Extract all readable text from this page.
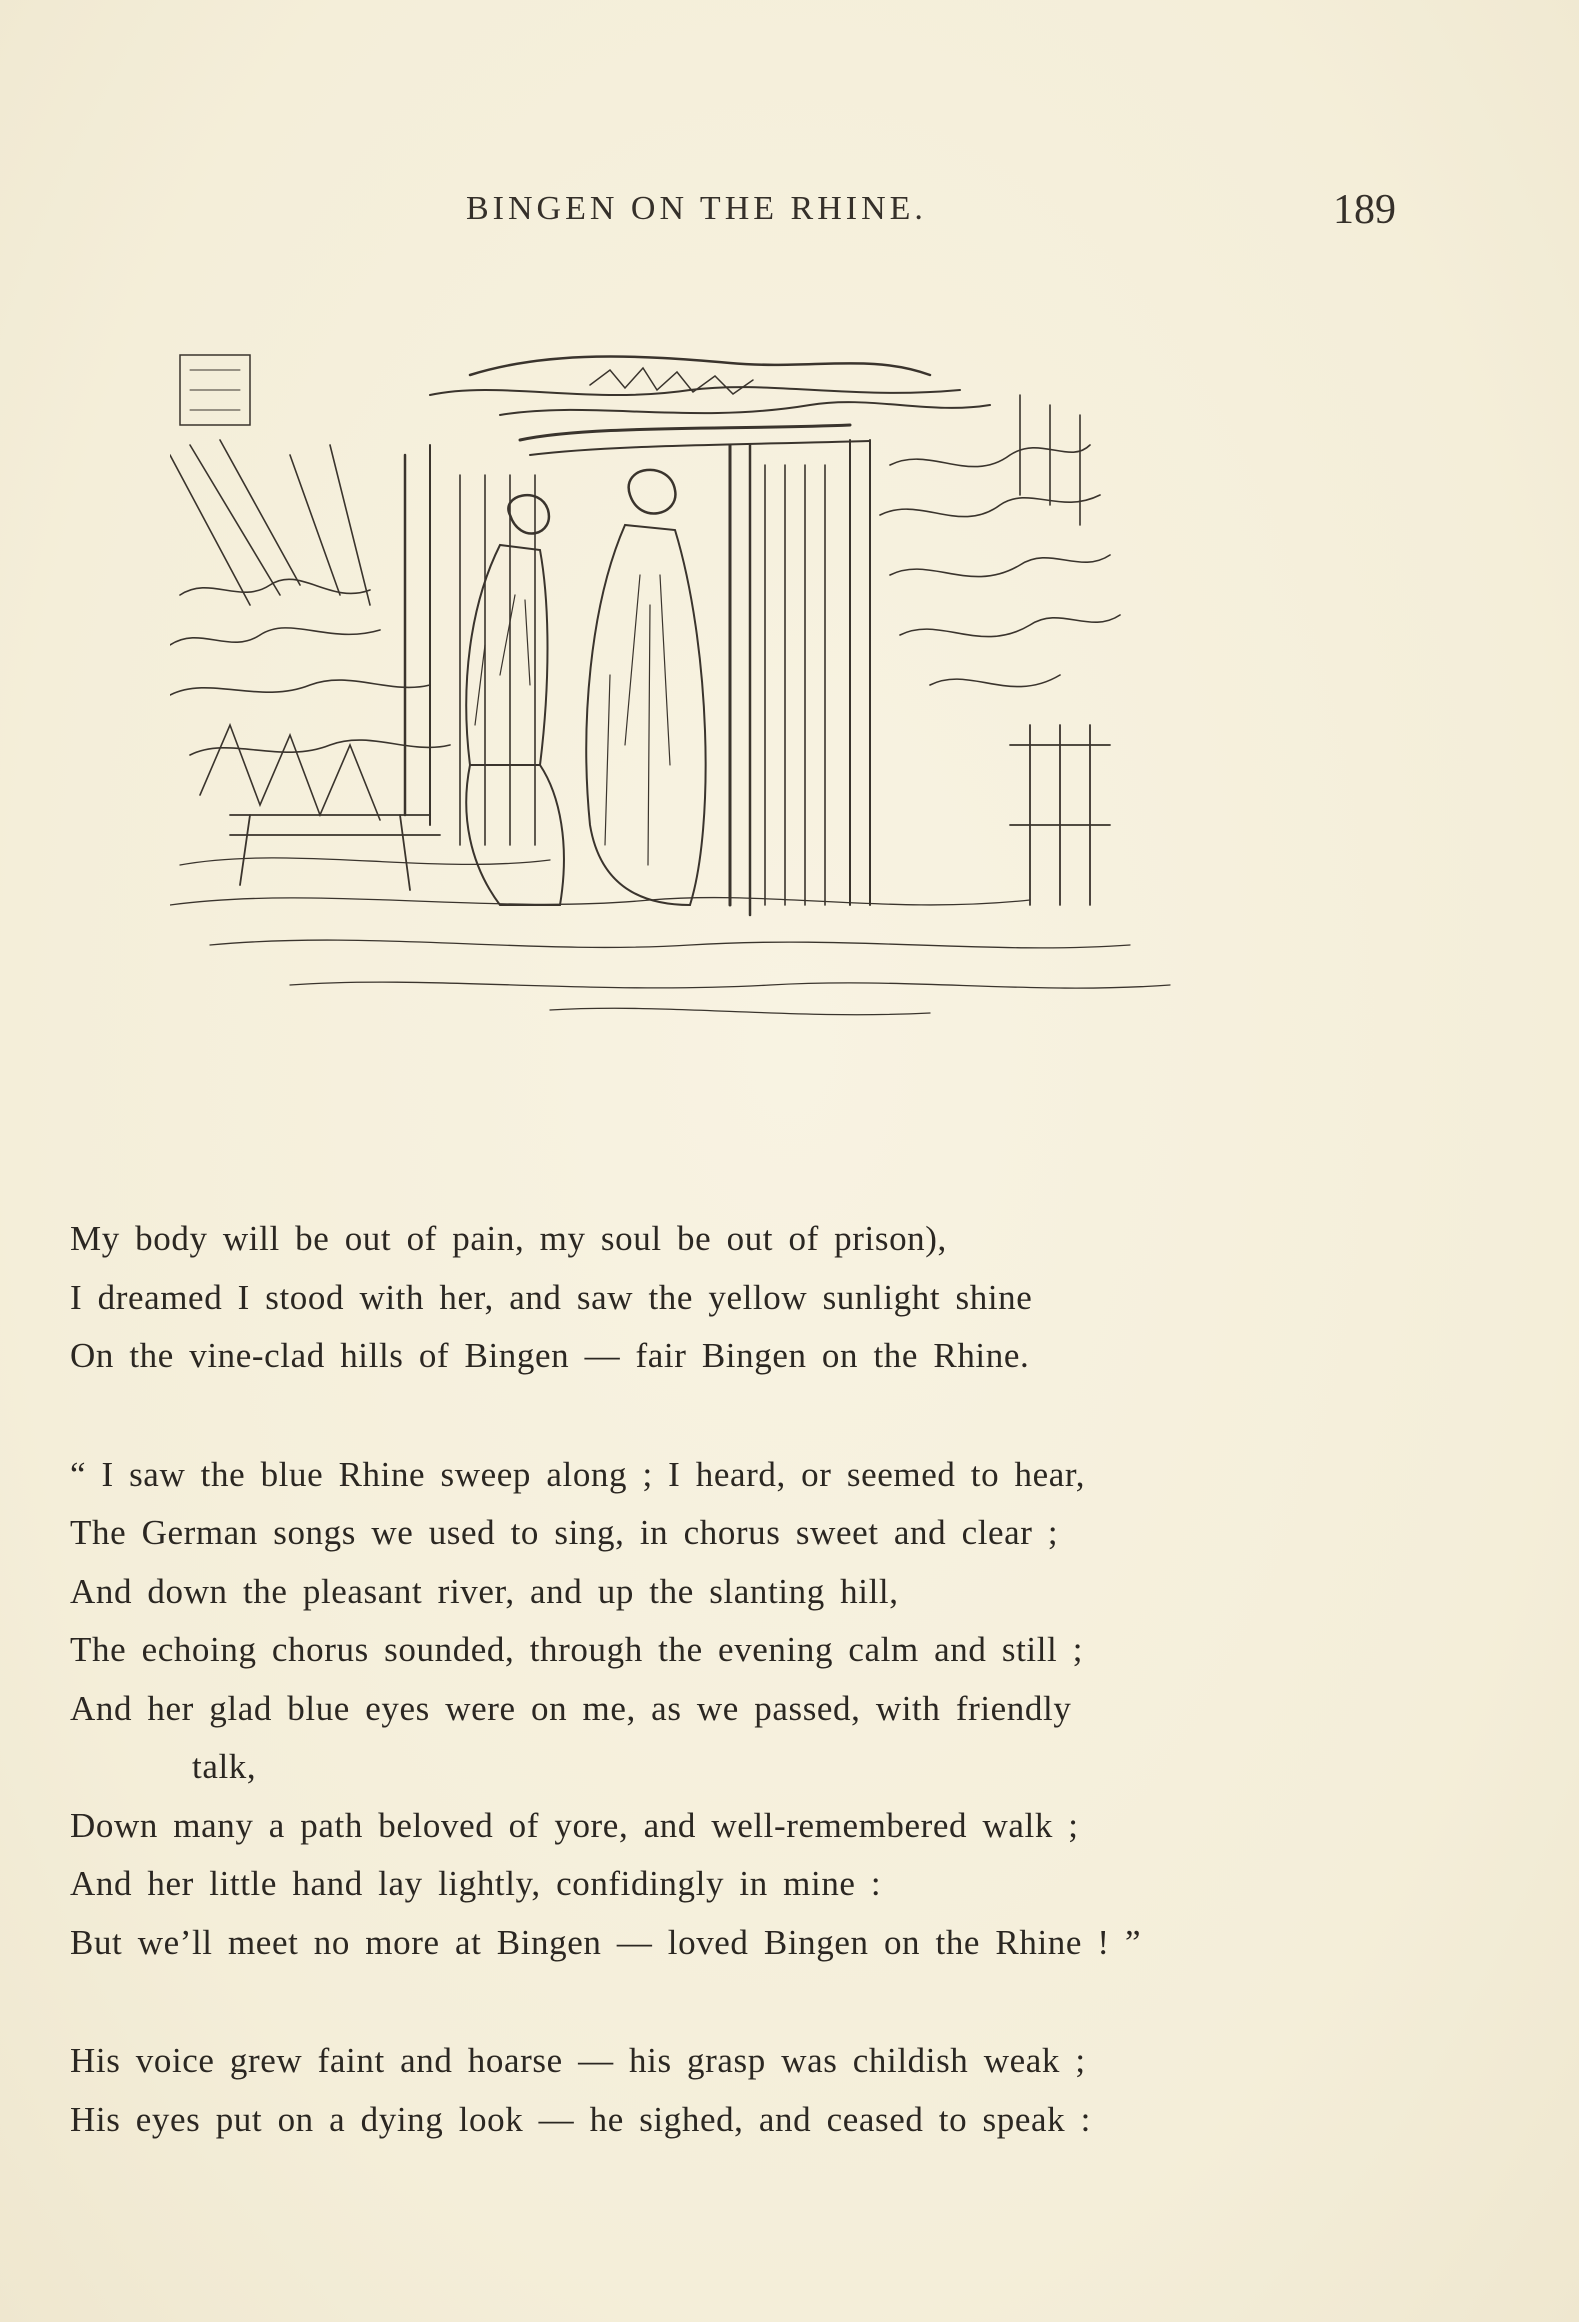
BINGEN ON THE RHINE.	189
My body will be out of pain, my soul be out of prison),
I dreamed I stood with her, and saw the yellow sunlight shine
On the vine-clad hills of Bingen — fair Bingen on the Rhine.
“ I saw the blue Rhine sweep along ; I heard, or seemed to hear,
The German songs we used to sing, in chorus sweet and clear ;
And down the pleasant river, and up the slanting hill,
The echoing chorus sounded, through the evening calm and still ;
And her glad blue eyes were on me, as we passed, with friendly
talk,
Down many a path beloved of yore, and well-remembered walk ;
And her little hand lay lightly, confidingly in mine :
But we’ll meet no more at Bingen — loved Bingen on the Rhine ! ”
His voice grew faint and hoarse — his grasp was childish weak ;
His eyes put on a dying look — he sighed, and ceased to speak :
